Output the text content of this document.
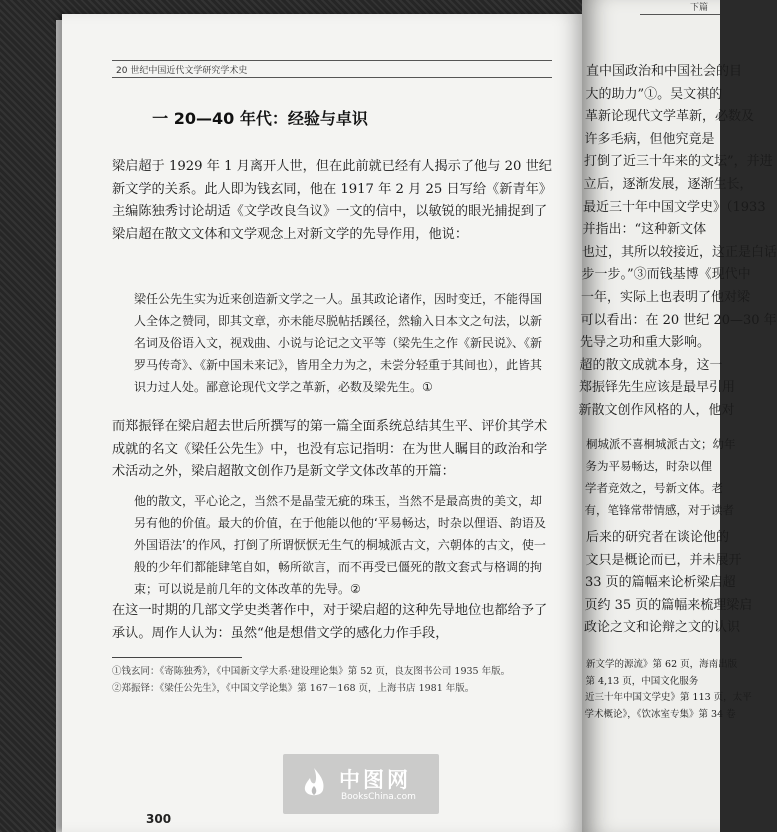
20 世纪中国近代文学研究学术史
一 20—40 年代：经验与卓识

梁启超于 1929 年 1 月离开人世，但在此前就已经有人揭示了他与 20 世纪新文学的关系。此人即为钱玄同，他在 1917 年 2 月 25 日写给《新青年》主编陈独秀讨论胡适《文学改良刍议》一文的信中，以敏锐的眼光捕捉到了梁启超在散文文体和文学观念上对新文学的先导作用，他说：

梁任公先生实为近来创造新文学之一人。虽其政论诸作，因时变迁，不能得国人全体之赞同，即其文章，亦未能尽脱帖括蹊径，然输入日本文之句法，以新名词及俗语入文，视戏曲、小说与论记之文平等（梁先生之作《新民说》、《新罗马传奇》、《新中国未来记》，皆用全力为之，未尝分轻重于其间也），此皆其识力过人处。鄙意论现代文学之革新，必数及梁先生。①

而郑振铎在梁启超去世后所撰写的第一篇全面系统总结其生平、评价其学术成就的名文《梁任公先生》中，也没有忘记指明：在为世人瞩目的政治和学术活动之外，梁启超散文创作乃是新文学文体改革的开篇：

他的散文，平心论之，当然不是晶莹无疵的珠玉，当然不是最高贵的美文，却另有他的价值。最大的价值，在于他能以他的‘平易畅达，时杂以俚语、韵语及外国语法’的作风，打倒了所谓恹恹无生气的桐城派古文，六朝体的古文，使一般的少年们都能肆笔自如，畅所欲言，而不再受已僵死的散文套式与格调的拘束；可以说是前几年的文体改革的先导。②

在这一时期的几部文学史类著作中，对于梁启超的这种先导地位也都给予了承认。周作人认为：虽然“他是想借文学的感化力作手段，

①钱玄同：《寄陈独秀》，《中国新文学大系·建设理论集》第 52 页，良友图书公司 1935 年版。

②郑振铎：《梁任公先生》，《中国文学论集》第 167－168 页，上海书店 1981 年版。

300
中图网
BooksChina.com
下篇
直中国政治和中国社会的目
大的助力”①。吴文祺的
革新论现代文学革新，必数及
许多毛病，但他究竟是
打倒了近三十年来的文坛”，并进
立后，逐渐发展，逐渐生长，
最近三十年中国文学史》（1933
并指出：“这种新文体
也过，其所以较接近，这正是白话
步一步。”③而钱基博《现代中
一年，实际上也表明了他对梁
可以看出：在 20 世纪 20—30 年
先导之功和重大影响。
超的散文成就本身，这一
郑振铎先生应该是最早引用
新散文创作风格的人，他对
桐城派不喜桐城派古文；幼年
务为平易畅达，时杂以俚
学者竞效之，号新文体。老
有，笔锋常带情感，对于读者
后来的研究者在谈论他的
文只是概论而已，并未展开
33 页的篇幅来论析梁启超
页约 35 页的篇幅来梳理梁启
政论之文和论辩之文的认识
新文学的源流》第 62 页，海南出版
第 4,13 页，中国文化服务
近三十年中国文学史》第 113 页，太平
学术概论》，《饮冰室专集》第 34 卷
